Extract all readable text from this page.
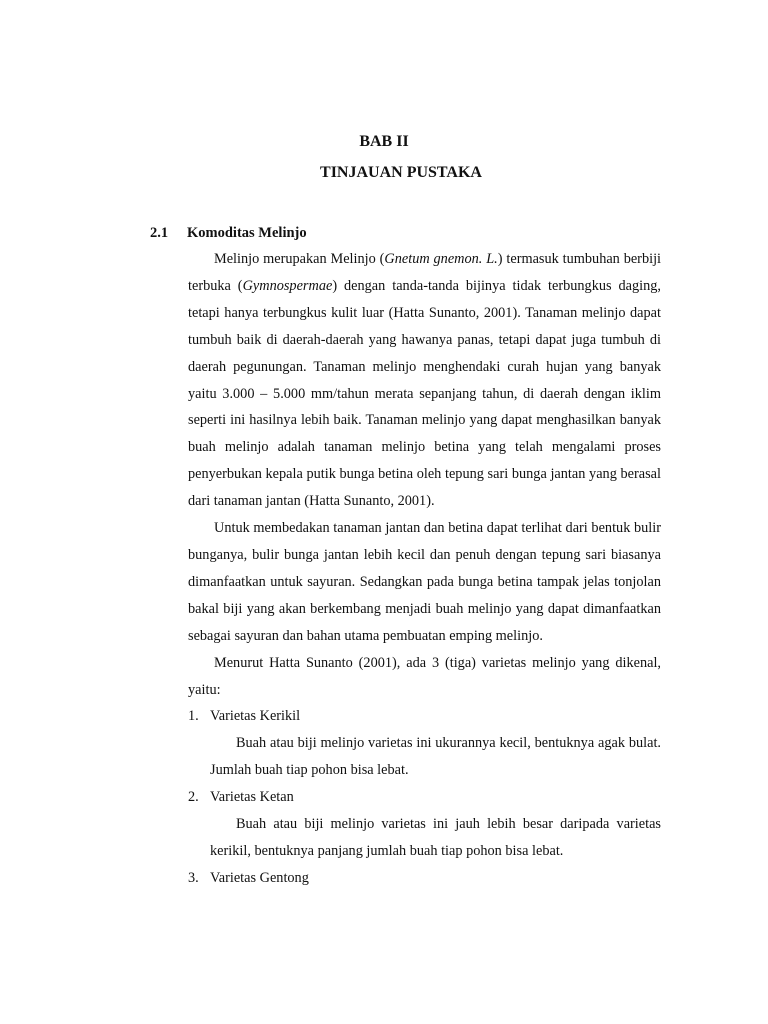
BAB II
TINJAUAN PUSTAKA
2.1 Komoditas Melinjo

Melinjo merupakan Melinjo (Gnetum gnemon. L.) termasuk tumbuhan berbiji terbuka (Gymnospermae) dengan tanda-tanda bijinya tidak terbungkus daging, tetapi hanya terbungkus kulit luar (Hatta Sunanto, 2001). Tanaman melinjo dapat tumbuh baik di daerah-daerah yang hawanya panas, tetapi dapat juga tumbuh di daerah pegunungan. Tanaman melinjo menghendaki curah hujan yang banyak yaitu 3.000 – 5.000 mm/tahun merata sepanjang tahun, di daerah dengan iklim seperti ini hasilnya lebih baik. Tanaman melinjo yang dapat menghasilkan banyak buah melinjo adalah tanaman melinjo betina yang telah mengalami proses penyerbukan kepala putik bunga betina oleh tepung sari bunga jantan yang berasal dari tanaman jantan (Hatta Sunanto, 2001).

Untuk membedakan tanaman jantan dan betina dapat terlihat dari bentuk bulir bunganya, bulir bunga jantan lebih kecil dan penuh dengan tepung sari biasanya dimanfaatkan untuk sayuran. Sedangkan pada bunga betina tampak jelas tonjolan bakal biji yang akan berkembang menjadi buah melinjo yang dapat dimanfaatkan sebagai sayuran dan bahan utama pembuatan emping melinjo.

Menurut Hatta Sunanto (2001), ada 3 (tiga) varietas melinjo yang dikenal, yaitu:

1. Varietas Kerikil

Buah atau biji melinjo varietas ini ukurannya kecil, bentuknya agak bulat. Jumlah buah tiap pohon bisa lebat.

2. Varietas Ketan

Buah atau biji melinjo varietas ini jauh lebih besar daripada varietas kerikil, bentuknya panjang jumlah buah tiap pohon bisa lebat.

3. Varietas Gentong
